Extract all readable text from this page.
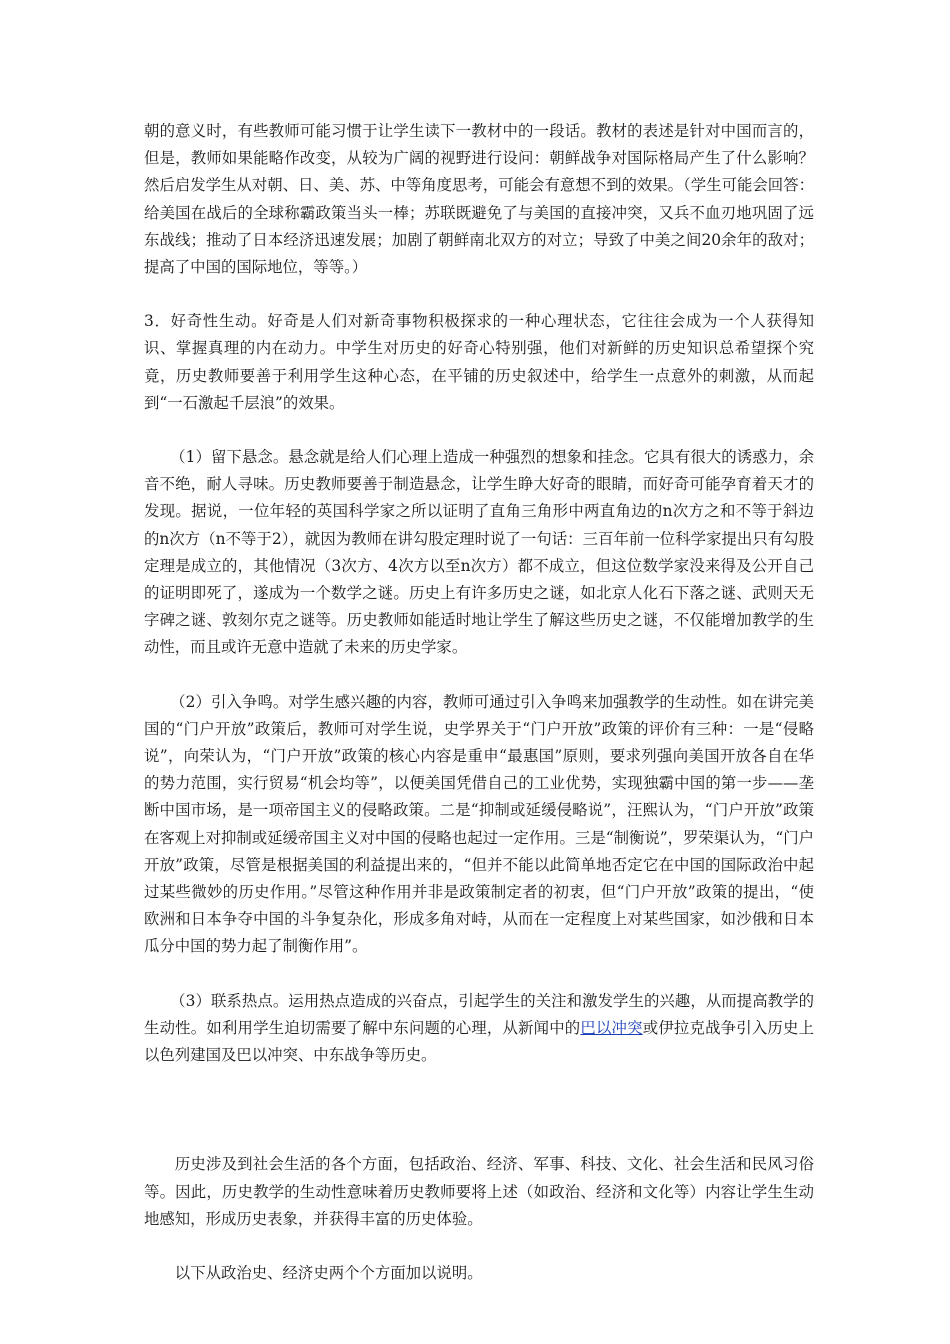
朝的意义时，有些教师可能习惯于让学生读下一教材中的一段话。教材的表述是针对中国而言的，但是，教师如果能略作改变，从较为广阔的视野进行设问：朝鲜战争对国际格局产生了什么影响？然后启发学生从对朝、日、美、苏、中等角度思考，可能会有意想不到的效果。（学生可能会回答：给美国在战后的全球称霸政策当头一棒；苏联既避免了与美国的直接冲突，又兵不血刃地巩固了远东战线；推动了日本经济迅速发展；加剧了朝鲜南北双方的对立；导致了中美之间20余年的敌对；提高了中国的国际地位，等等。）

3．好奇性生动。好奇是人们对新奇事物积极探求的一种心理状态，它往往会成为一个人获得知识、掌握真理的内在动力。中学生对历史的好奇心特别强，他们对新鲜的历史知识总希望探个究竟，历史教师要善于利用学生这种心态，在平铺的历史叙述中，给学生一点意外的刺激，从而起到“一石激起千层浪”的效果。

（1）留下悬念。悬念就是给人们心理上造成一种强烈的想象和挂念。它具有很大的诱惑力，余音不绝，耐人寻味。历史教师要善于制造悬念，让学生睁大好奇的眼睛，而好奇可能孕育着天才的发现。据说，一位年轻的英国科学家之所以证明了直角三角形中两直角边的n次方之和不等于斜边的n次方（n不等于2），就因为教师在讲勾股定理时说了一句话：三百年前一位科学家提出只有勾股定理是成立的，其他情况（3次方、4次方以至n次方）都不成立，但这位数学家没来得及公开自己的证明即死了，遂成为一个数学之谜。历史上有许多历史之谜，如北京人化石下落之谜、武则天无字碑之谜、敦刻尔克之谜等。历史教师如能适时地让学生了解这些历史之谜，不仅能增加教学的生动性，而且或许无意中造就了未来的历史学家。

（2）引入争鸣。对学生感兴趣的内容，教师可通过引入争鸣来加强教学的生动性。如在讲完美国的“门户开放”政策后，教师可对学生说，史学界关于“门户开放”政策的评价有三种：一是“侵略说”，向荣认为，“门户开放”政策的核心内容是重申“最惠国”原则，要求列强向美国开放各自在华的势力范围，实行贸易“机会均等”，以便美国凭借自己的工业优势，实现独霸中国的第一步——垄断中国市场，是一项帝国主义的侵略政策。二是“抑制或延缓侵略说”，汪熙认为，“门户开放”政策在客观上对抑制或延缓帝国主义对中国的侵略也起过一定作用。三是“制衡说”，罗荣渠认为，“门户开放”政策，尽管是根据美国的利益提出来的，“但并不能以此简单地否定它在中国的国际政治中起过某些微妙的历史作用。”尽管这种作用并非是政策制定者的初衷，但“门户开放”政策的提出，“使欧洲和日本争夺中国的斗争复杂化，形成多角对峙，从而在一定程度上对某些国家，如沙俄和日本瓜分中国的势力起了制衡作用”。

（3）联系热点。运用热点造成的兴奋点，引起学生的关注和激发学生的兴趣，从而提高教学的生动性。如利用学生迫切需要了解中东问题的心理，从新闻中的巴以冲突或伊拉克战争引入历史上以色列建国及巴以冲突、中东战争等历史。

历史涉及到社会生活的各个方面，包括政治、经济、军事、科技、文化、社会生活和民风习俗等。因此，历史教学的生动性意味着历史教师要将上述（如政治、经济和文化等）内容让学生生动地感知，形成历史表象，并获得丰富的历史体验。

以下从政治史、经济史两个个方面加以说明。
